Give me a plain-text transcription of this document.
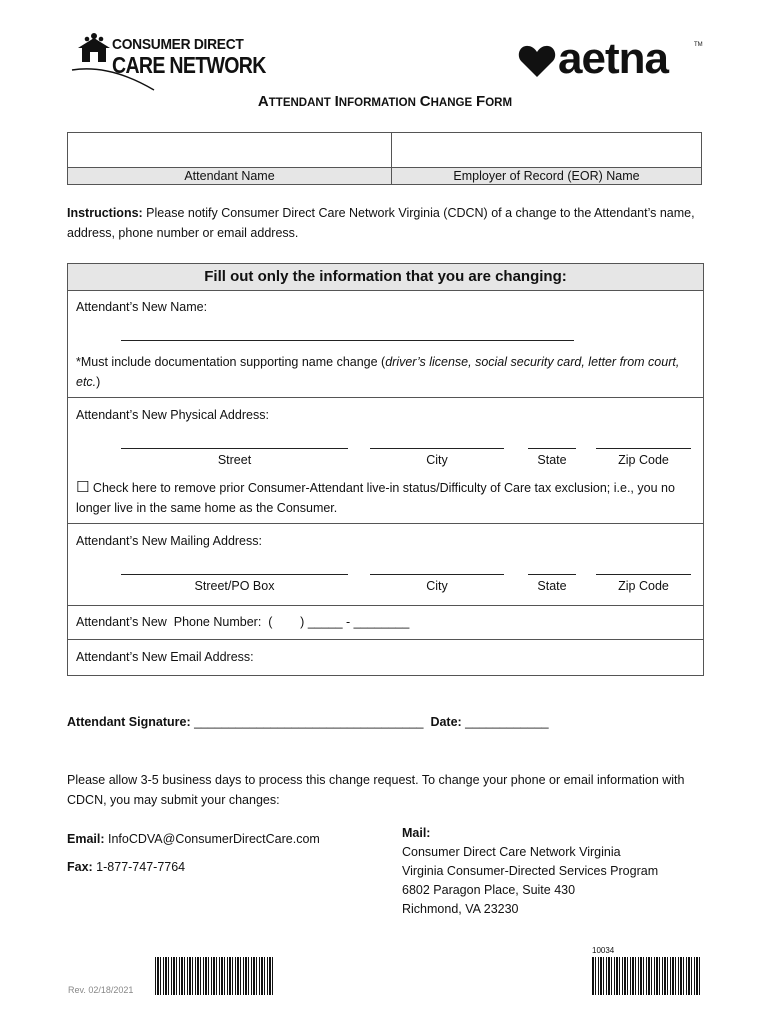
CONSUMER DIRECT
CARE NETWORK	aetna	TM
ATTENDANT INFORMATION CHANGE FORM

Attendant Name	Employer of Record (EOR) Name
Instructions: Please notify Consumer Direct Care Network Virginia (CDCN) of a change to the Attendant’s name, address, phone number or email address.
Fill out only the information that you are changing:
Attendant’s New Name:
*Must include documentation supporting name change (driver’s license, social security card, letter from court, etc.)
Attendant’s New Physical Address:
Street	City	State	Zip Code
☐ Check here to remove prior Consumer-Attendant live-in status/Difficulty of Care tax exclusion; i.e., you no longer live in the same home as the Consumer.
Attendant’s New Mailing Address:
Street/PO Box	City	State	Zip Code
Attendant’s New  Phone Number:  (        ) _____ - ________
Attendant’s New Email Address:
Attendant Signature: _________________________________  Date: ____________
Please allow 3-5 business days to process this change request. To change your phone or email information with CDCN, you may submit your changes:
Email: InfoCDVA@ConsumerDirectCare.com
Fax: 1-877-747-7764
Mail:
Consumer Direct Care Network Virginia
Virginia Consumer-Directed Services Program
6802 Paragon Place, Suite 430
Richmond, VA 23230
Rev. 02/18/2021
10034
